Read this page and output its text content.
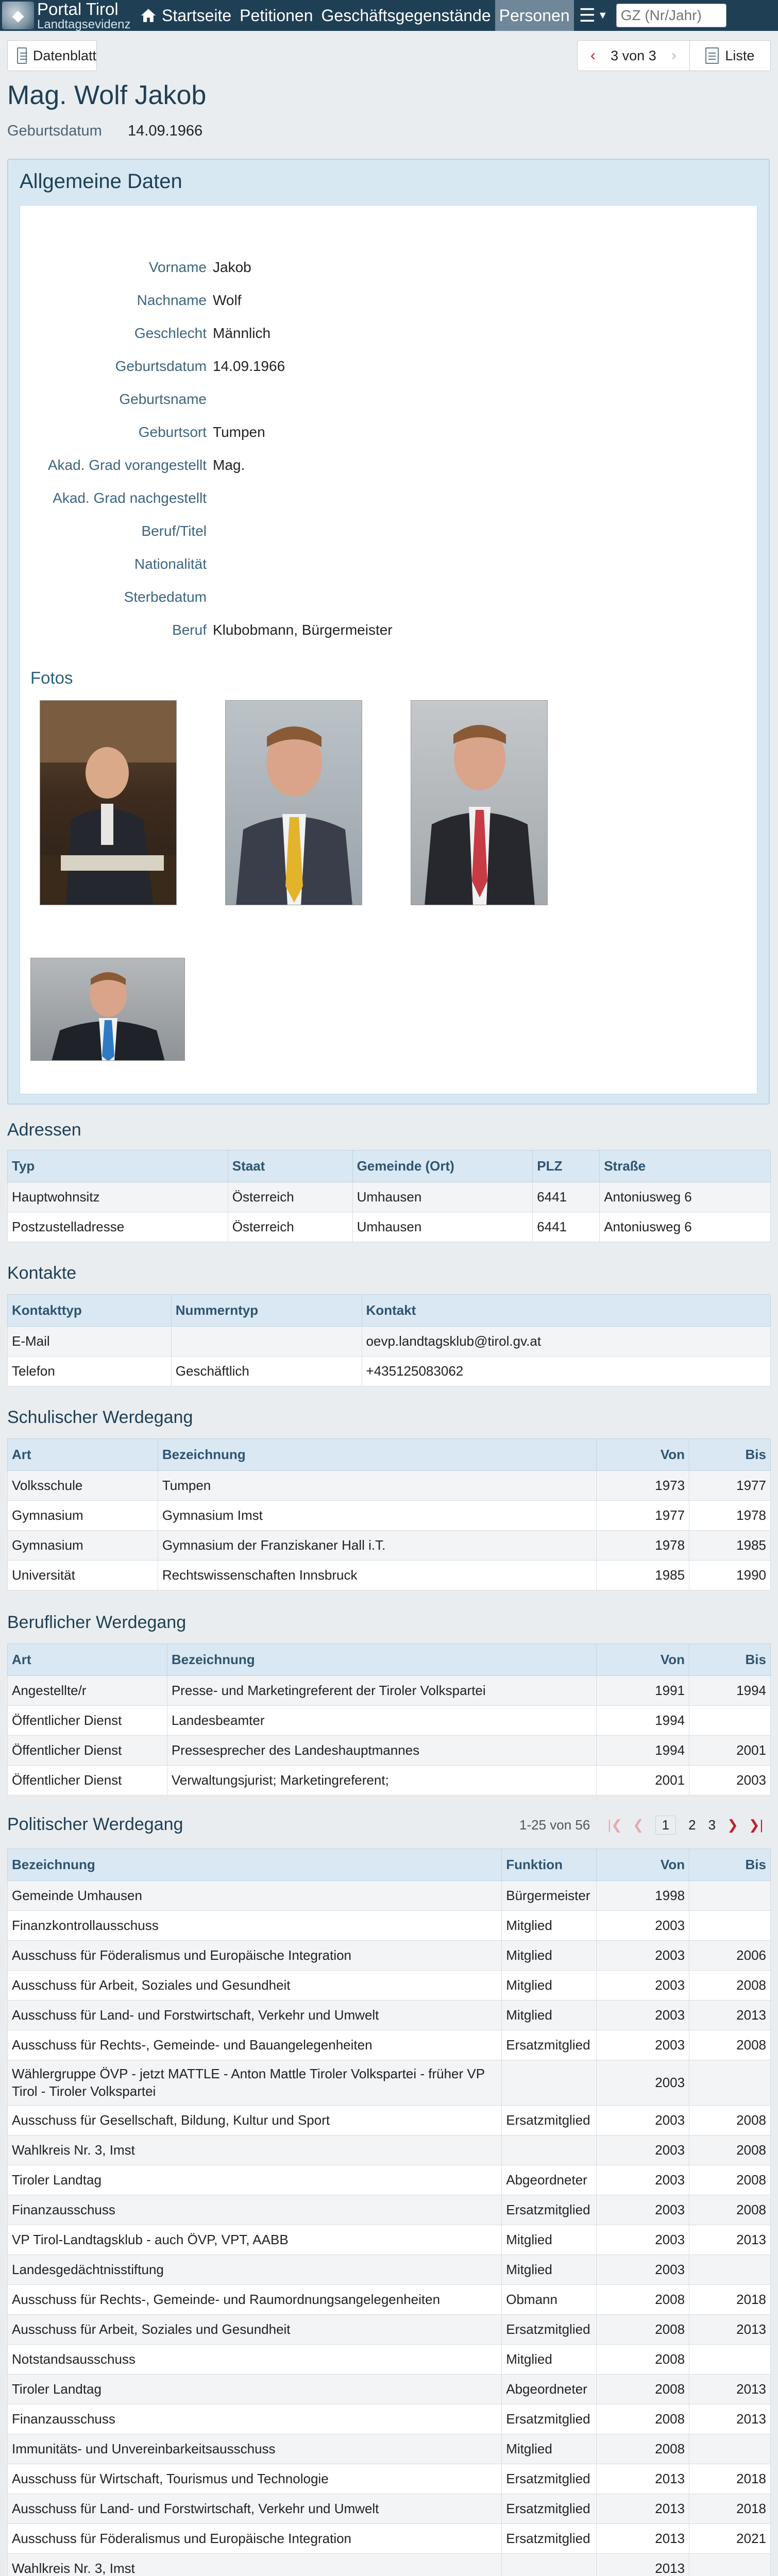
◆ Portal Tirol
Landtagsevidenz Startseite Petitionen Geschäftsgegenstände Personen ☰ ▼
GZ (Nr/Jahr)
Datenblatt	‹	3 von 3 ›	Liste
Mag. Wolf Jakob
Geburtsdatum 14.09.1966
Allgemeine Daten
Vorname Jakob
Nachname Wolf
Geschlecht Männlich
Geburtsdatum 14.09.1966
Geburtsname
Geburtsort Tumpen
Akad. Grad vorangestellt Mag.
Akad. Grad nachgestellt
Beruf/Titel
Nationalität
Sterbedatum
Beruf Klubobmann, Bürgermeister
Fotos
Adressen
Typ	Staat	Gemeinde (Ort)	PLZ	Straße
Hauptwohnsitz	Österreich	Umhausen	6441	Antoniusweg 6
Postzustelladresse	Österreich	Umhausen	6441	Antoniusweg 6
Kontakte
Kontakttyp	Nummerntyp	Kontakt
E-Mail		oevp.landtagsklub@tirol.gv.at
Telefon	Geschäftlich	+435125083062
Schulischer Werdegang
Art	Bezeichnung	Von	Bis
Volksschule	Tumpen	1973	1977
Gymnasium	Gymnasium Imst	1977	1978
Gymnasium	Gymnasium der Franziskaner Hall i.T.	1978	1985
Universität	Rechtswissenschaften Innsbruck	1985	1990
Beruflicher Werdegang
Art	Bezeichnung	Von	Bis
Angestellte/r	Presse- und Marketingreferent der Tiroler Volkspartei	1991	1994
Öffentlicher Dienst	Landesbeamter	1994	
Öffentlicher Dienst	Pressesprecher des Landeshauptmannes	1994	2001
Öffentlicher Dienst	Verwaltungsjurist; Marketingreferent;	2001	2003
Politischer Werdegang	1-25 von 56 |❮ ❮	1	2 3 ❯ ❯|
Bezeichnung	Funktion	Von	Bis
Gemeinde Umhausen	Bürgermeister	1998	
Finanzkontrollausschuss	Mitglied	2003	
Ausschuss für Föderalismus und Europäische Integration	Mitglied	2003	2006
Ausschuss für Arbeit, Soziales und Gesundheit	Mitglied	2003	2008
Ausschuss für Land- und Forstwirtschaft, Verkehr und Umwelt	Mitglied	2003	2013
Ausschuss für Rechts-, Gemeinde- und Bauangelegenheiten	Ersatzmitglied	2003	2008
Wählergruppe ÖVP - jetzt MATTLE - Anton Mattle Tiroler Volkspartei - früher VP Tirol - Tiroler Volkspartei		2003	
Ausschuss für Gesellschaft, Bildung, Kultur und Sport	Ersatzmitglied	2003	2008
Wahlkreis Nr. 3, Imst		2003	2008
Tiroler Landtag	Abgeordneter	2003	2008
Finanzausschuss	Ersatzmitglied	2003	2008
VP Tirol-Landtagsklub - auch ÖVP, VPT, AABB	Mitglied	2003	2013
Landesgedächtnisstiftung	Mitglied	2003	
Ausschuss für Rechts-, Gemeinde- und Raumordnungsangelegenheiten	Obmann	2008	2018
Ausschuss für Arbeit, Soziales und Gesundheit	Ersatzmitglied	2008	2013
Notstandsausschuss	Mitglied	2008	
Tiroler Landtag	Abgeordneter	2008	2013
Finanzausschuss	Ersatzmitglied	2008	2013
Immunitäts- und Unvereinbarkeitsausschuss	Mitglied	2008	
Ausschuss für Wirtschaft, Tourismus und Technologie	Ersatzmitglied	2013	2018
Ausschuss für Land- und Forstwirtschaft, Verkehr und Umwelt	Ersatzmitglied	2013	2018
Ausschuss für Föderalismus und Europäische Integration	Ersatzmitglied	2013	2021
Wahlkreis Nr. 3, Imst		2013	
